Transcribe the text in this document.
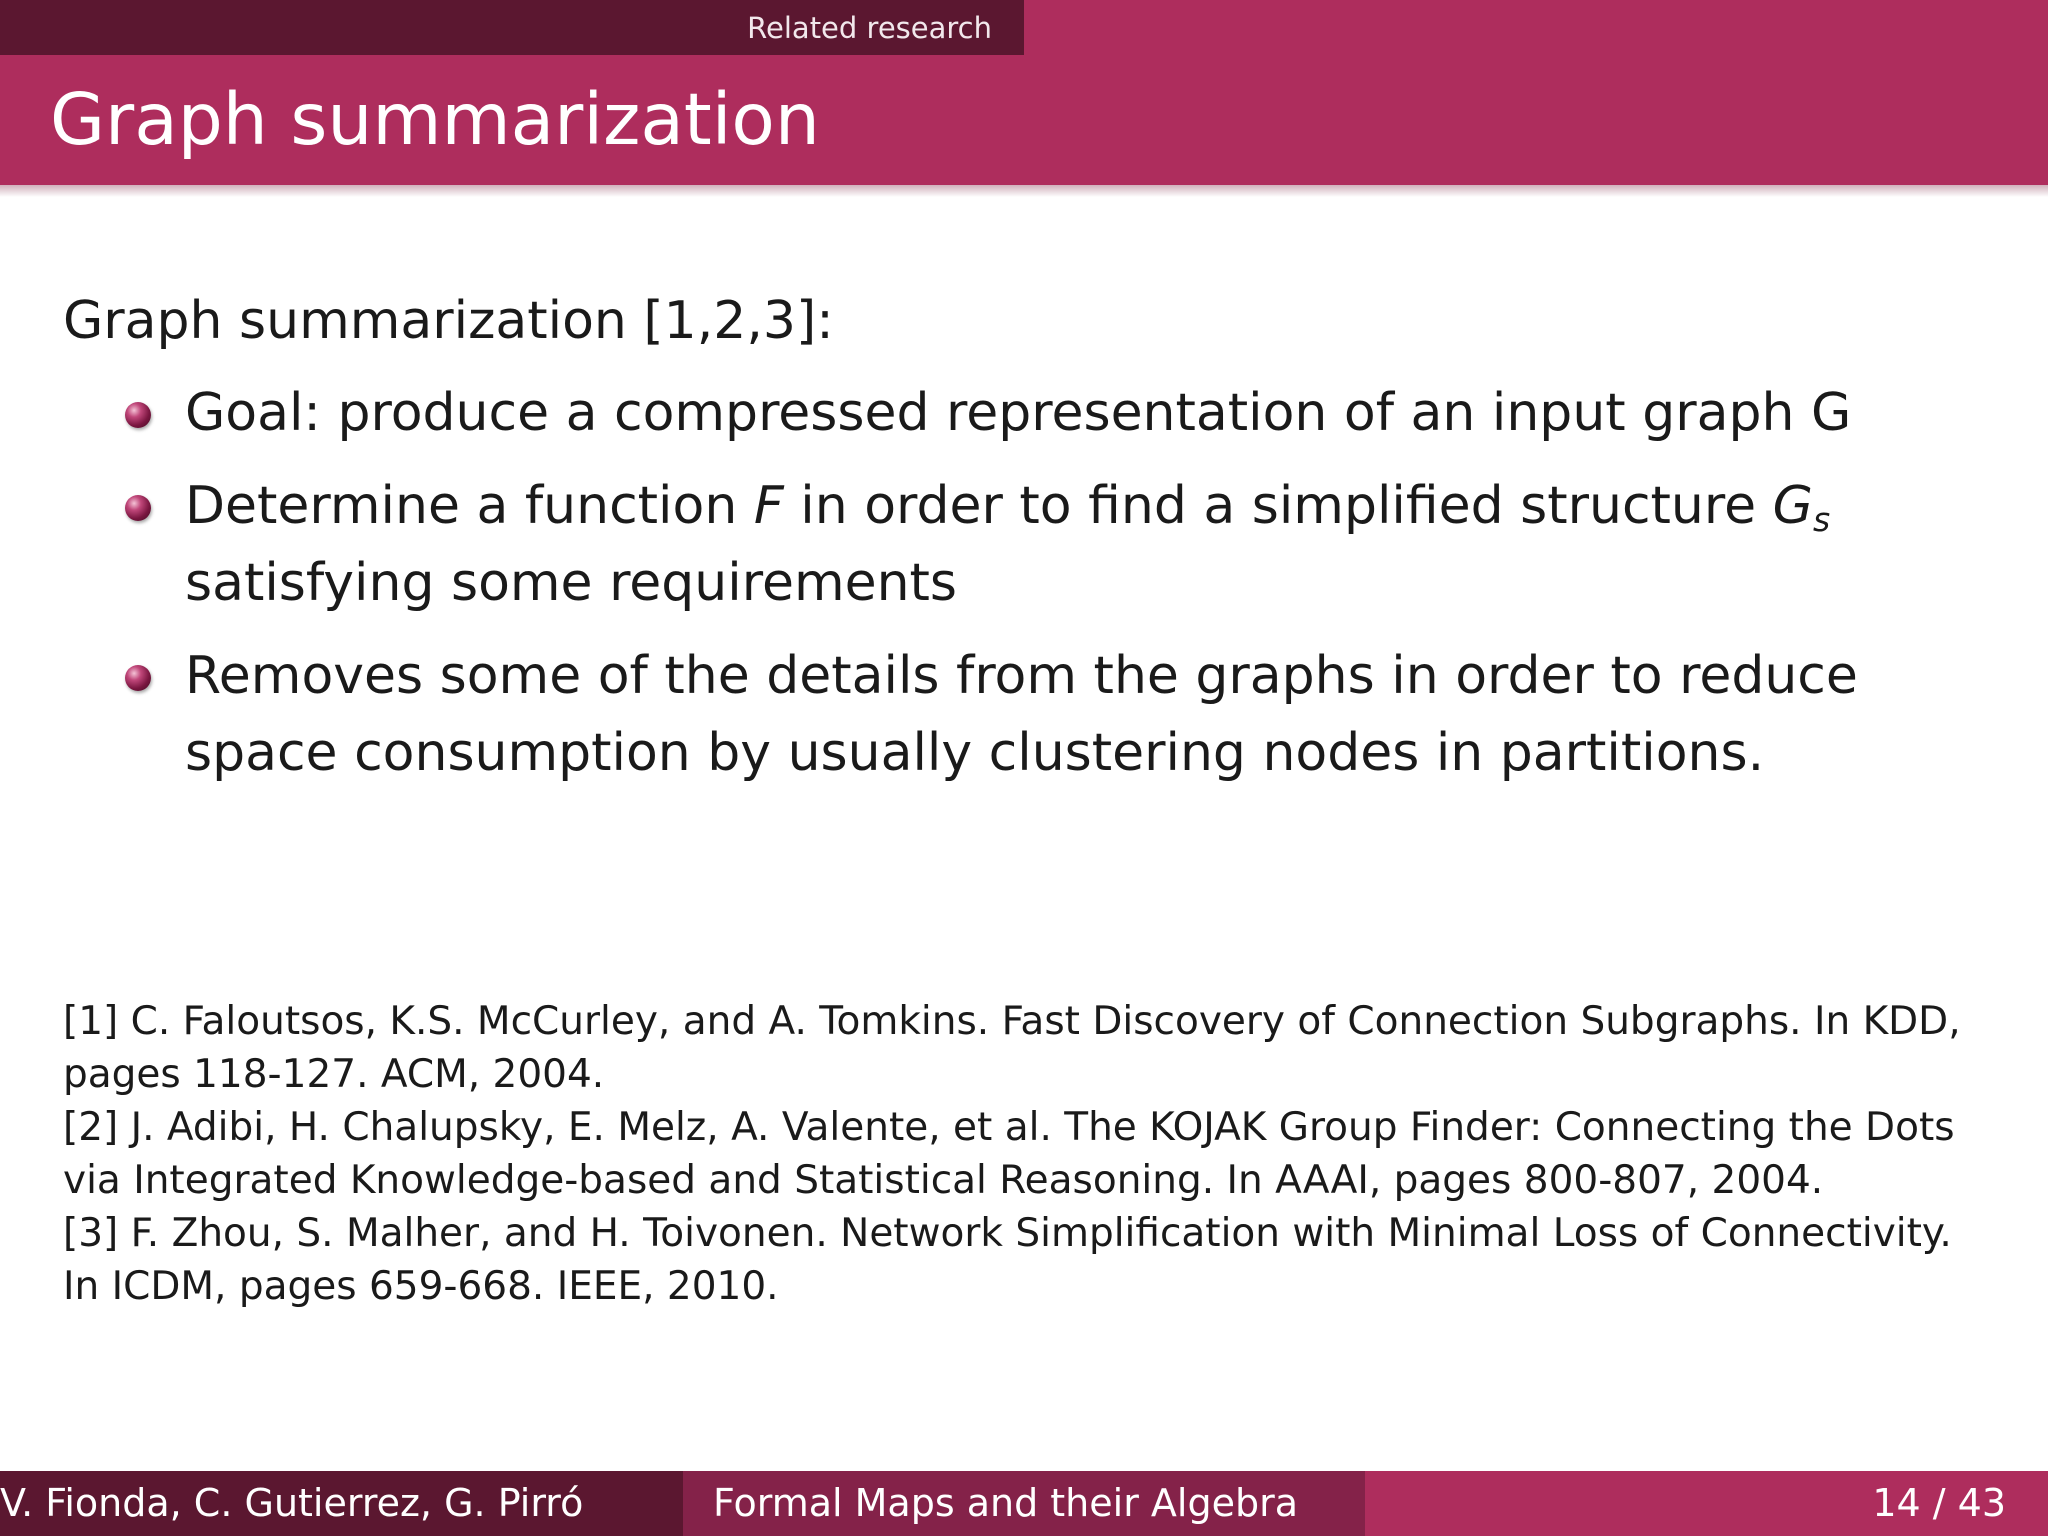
Related research
Graph summarization

Graph summarization [1,2,3]:

Goal: produce a compressed representation of an input graph G
Determine a function F in order to find a simplified structure $G_s$
satisfying some requirements
Removes some of the details from the graphs in order to reduce space consumption by usually clustering nodes in partitions.

[1] C. Faloutsos, K.S. McCurley, and A. Tomkins. Fast Discovery of Connection Subgraphs. In KDD, pages 118-127. ACM, 2004.

[2] J. Adibi, H. Chalupsky, E. Melz, A. Valente, et al. The KOJAK Group Finder: Connecting the Dots via Integrated Knowledge-based and Statistical Reasoning. In AAAI, pages 800-807, 2004.

[3] F. Zhou, S. Malher, and H. Toivonen. Network Simplification with Minimal Loss of Connectivity. In ICDM, pages 659-668. IEEE, 2010.

V. Fionda, C. Gutierrez, G. Pirró	Formal Maps and their Algebra	14 / 43
